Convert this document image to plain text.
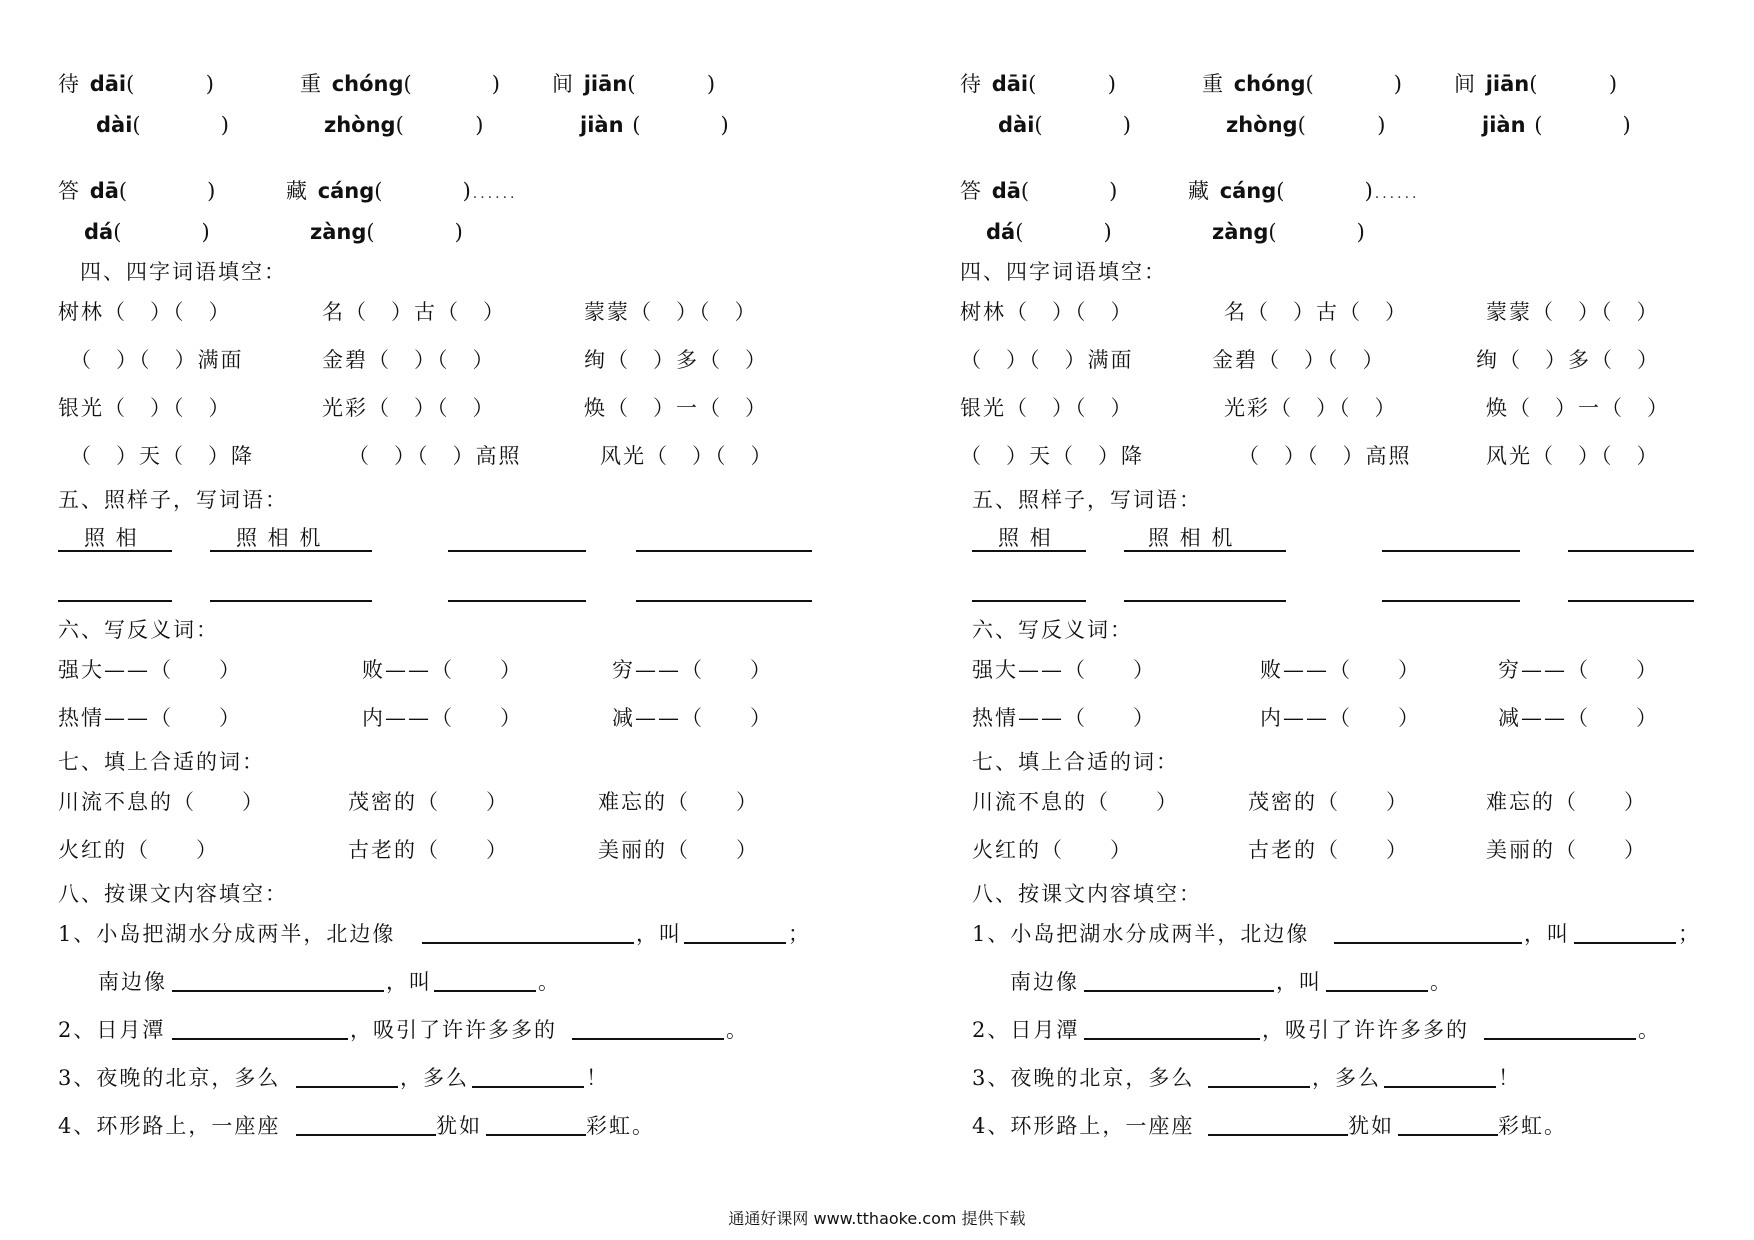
待 dāi(	)	重 chóng(	) 间 jiān(	)
dài(	)	zhòng(	)	jiàn (	)
答 dā(	)	藏 cáng(	)......
dá(	)	zàng(	)
四、四字词语填空：
树林（　）（　）	名（　）古（　）	蒙蒙（　）（　）
（　）（　）满面	金碧（　）（　）	绚（　）多（　）
银光（　）（　）	光彩（　）（　）	焕（　）一（　）
（　）天（　）降	（　）（　）高照	风光（　）（　）
五、照样子，写词语：
照 相	照 相 机
六、写反义词：
强大——（　　）	败——（　　）	穷——（　　）
热情——（　　）	内——（　　）	减——（　　）
七、填上合适的词：
川流不息的（　　）	茂密的（　　）	难忘的（　　）
火红的（　　）	古老的（　　）	美丽的（　　）
八、按课文内容填空：
1、小岛把湖水分成两半，北边像	，叫	；
南边像	，叫	。
2、日月潭	，吸引了许许多多的	。
3、夜晚的北京，多么	，多么	！
4、环形路上，一座座	犹如	彩虹。
待 dāi(	)	重 chóng(	) 间 jiān(	)
dài(	)	zhòng(	)	jiàn (	)
答 dā(	)	藏 cáng(	)......
dá(	)	zàng(	)
四、四字词语填空：
树林（　）（　）	名（　）古（　）	蒙蒙（　）（　）
（　）（　）满面	金碧（　）（　）	绚（　）多（　）
银光（　）（　）	光彩（　）（　）	焕（　）一（　）
（　）天（　）降	（　）（　）高照	风光（　）（　）
五、照样子，写词语：
照 相	照 相 机
六、写反义词：
强大——（　　）	败——（　　）	穷——（　　）
热情——（　　）	内——（　　）	减——（　　）
七、填上合适的词：
川流不息的（　　）	茂密的（　　）	难忘的（　　）
火红的（　　）	古老的（　　）	美丽的（　　）
八、按课文内容填空：
1、小岛把湖水分成两半，北边像	，叫	；
南边像	，叫	。
2、日月潭	，吸引了许许多多的	。
3、夜晚的北京，多么	，多么	！
4、环形路上，一座座	犹如	彩虹。
通通好课网 www.tthaoke.com 提供下载
